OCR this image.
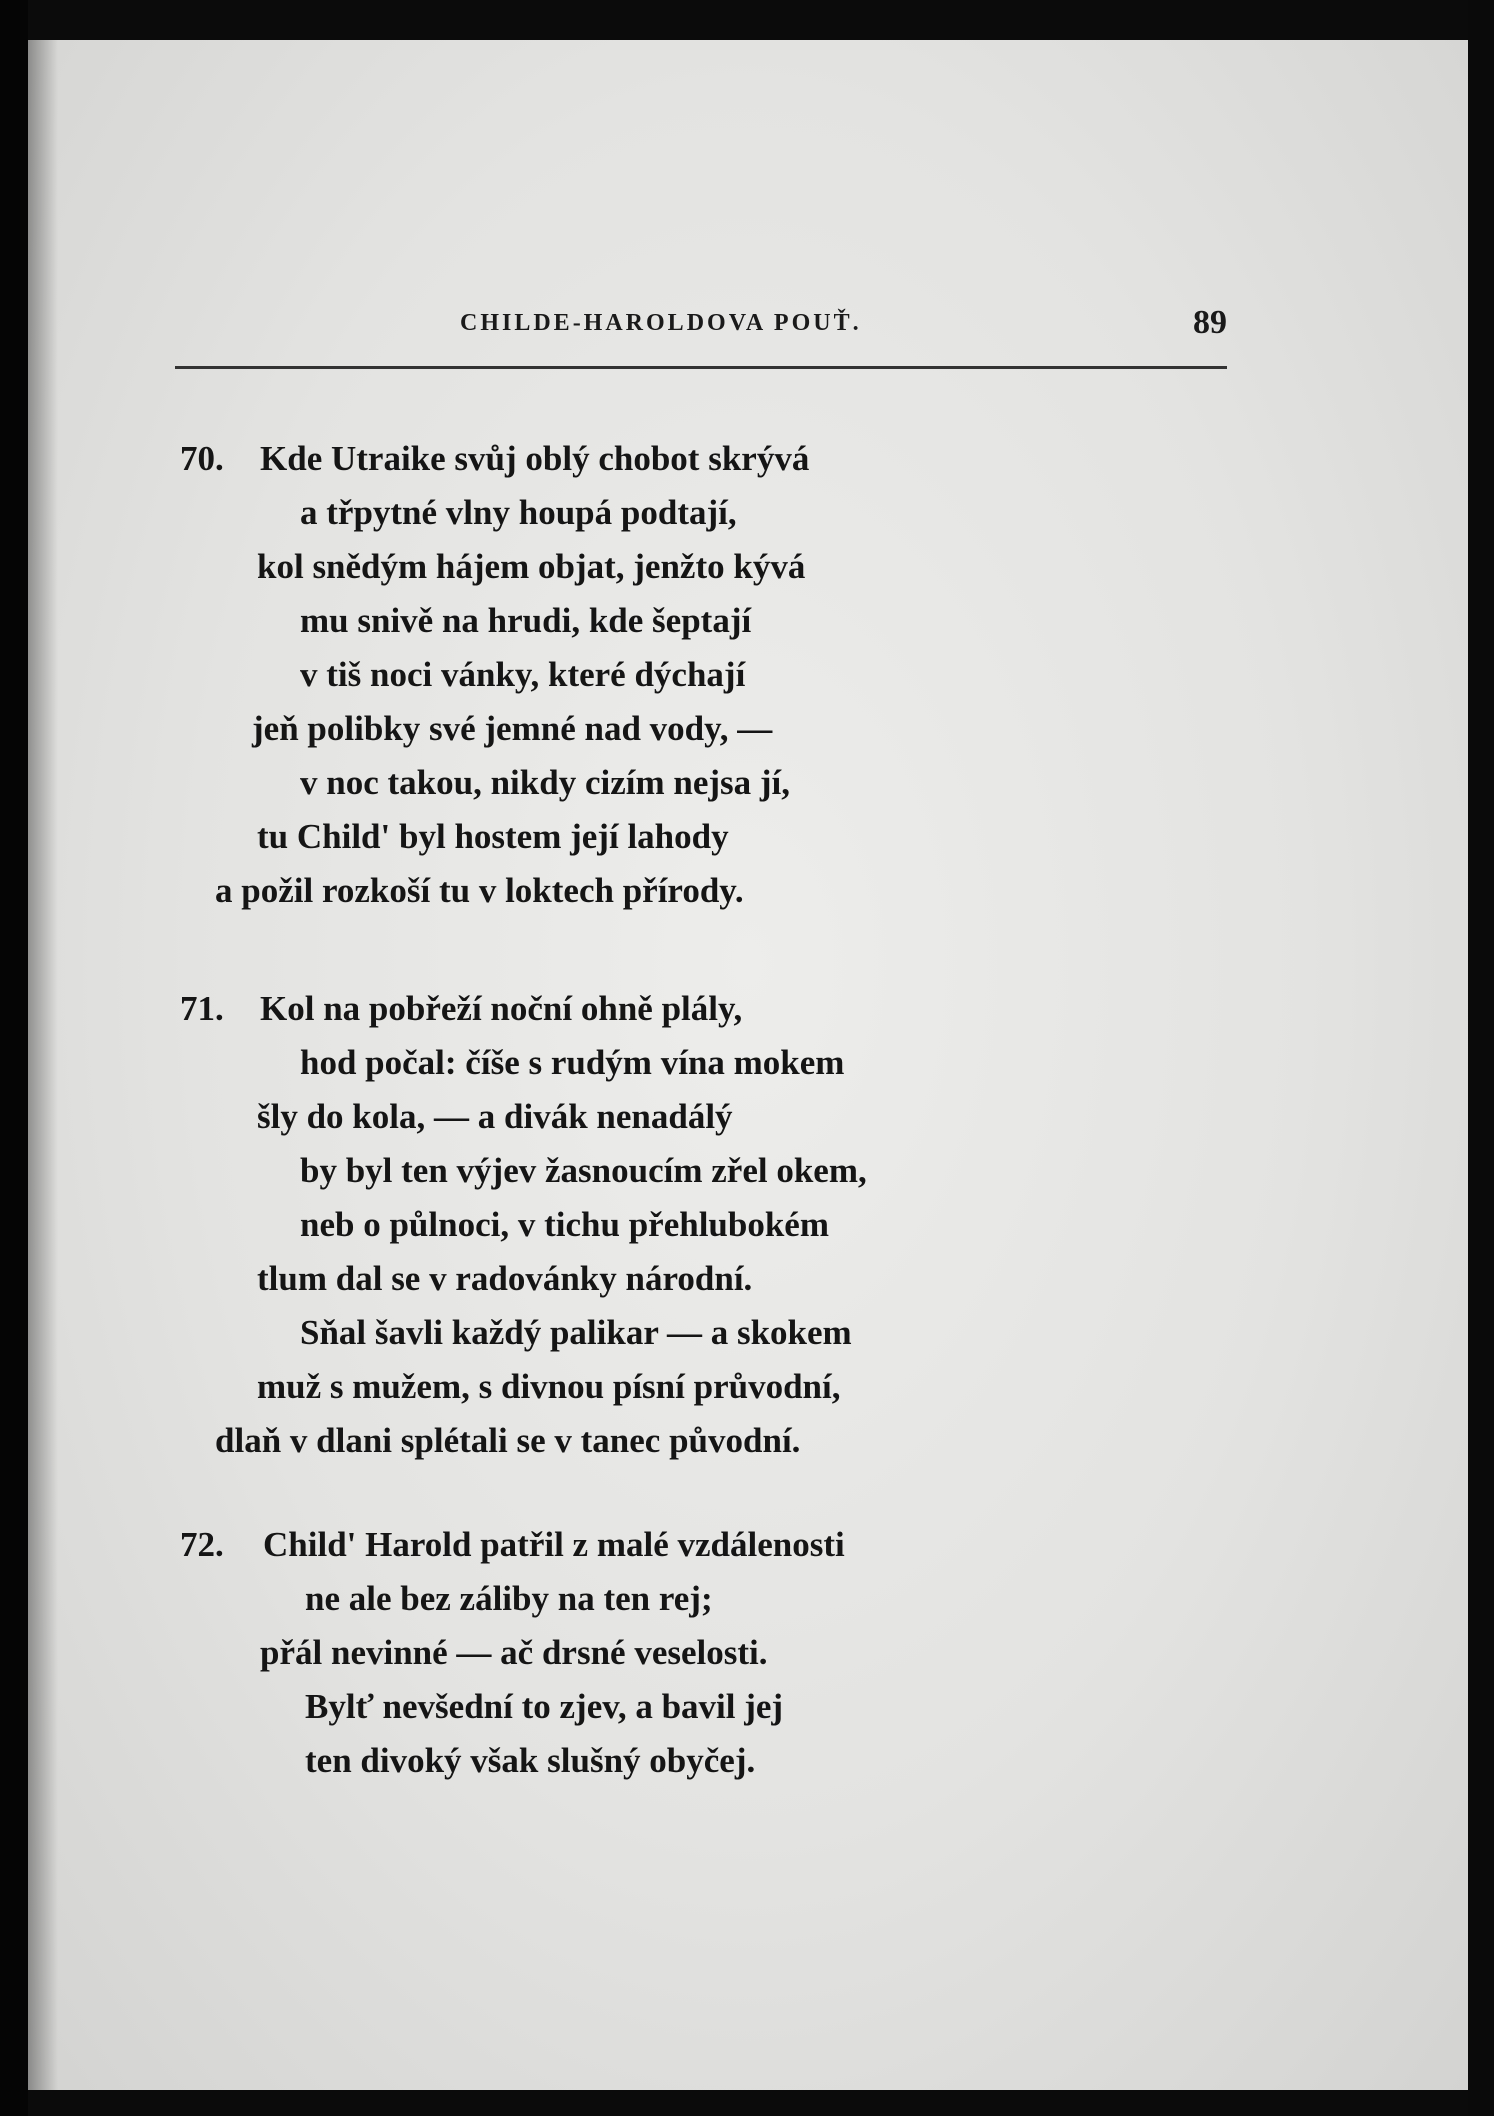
CHILDE-HAROLDOVA POUŤ.	89
70. Kde Utraike svůj oblý chobot skrývá
a třpytné vlny houpá podtají,
kol snědým hájem objat, jenžto kývá
mu snivě na hrudi, kde šeptají
v tiš noci vánky, které dýchají
jeň polibky své jemné nad vody, —
v noc takou, nikdy cizím nejsa jí,
tu Child' byl hostem její lahody
a požil rozkoší tu v loktech přírody.
71. Kol na pobřeží noční ohně plály,
hod počal: číše s rudým vína mokem
šly do kola, — a divák nenadálý
by byl ten výjev žasnoucím zřel okem,
neb o půlnoci, v tichu přehlubokém
tlum dal se v radovánky národní.
Sňal šavli každý palikar — a skokem
muž s mužem, s divnou písní průvodní,
dlaň v dlani splétali se v tanec původní.
72. Child' Harold patřil z malé vzdálenosti
ne ale bez záliby na ten rej;
přál nevinné — ač drsné veselosti.
Bylť nevšední to zjev, a bavil jej
ten divoký však slušný obyčej.
